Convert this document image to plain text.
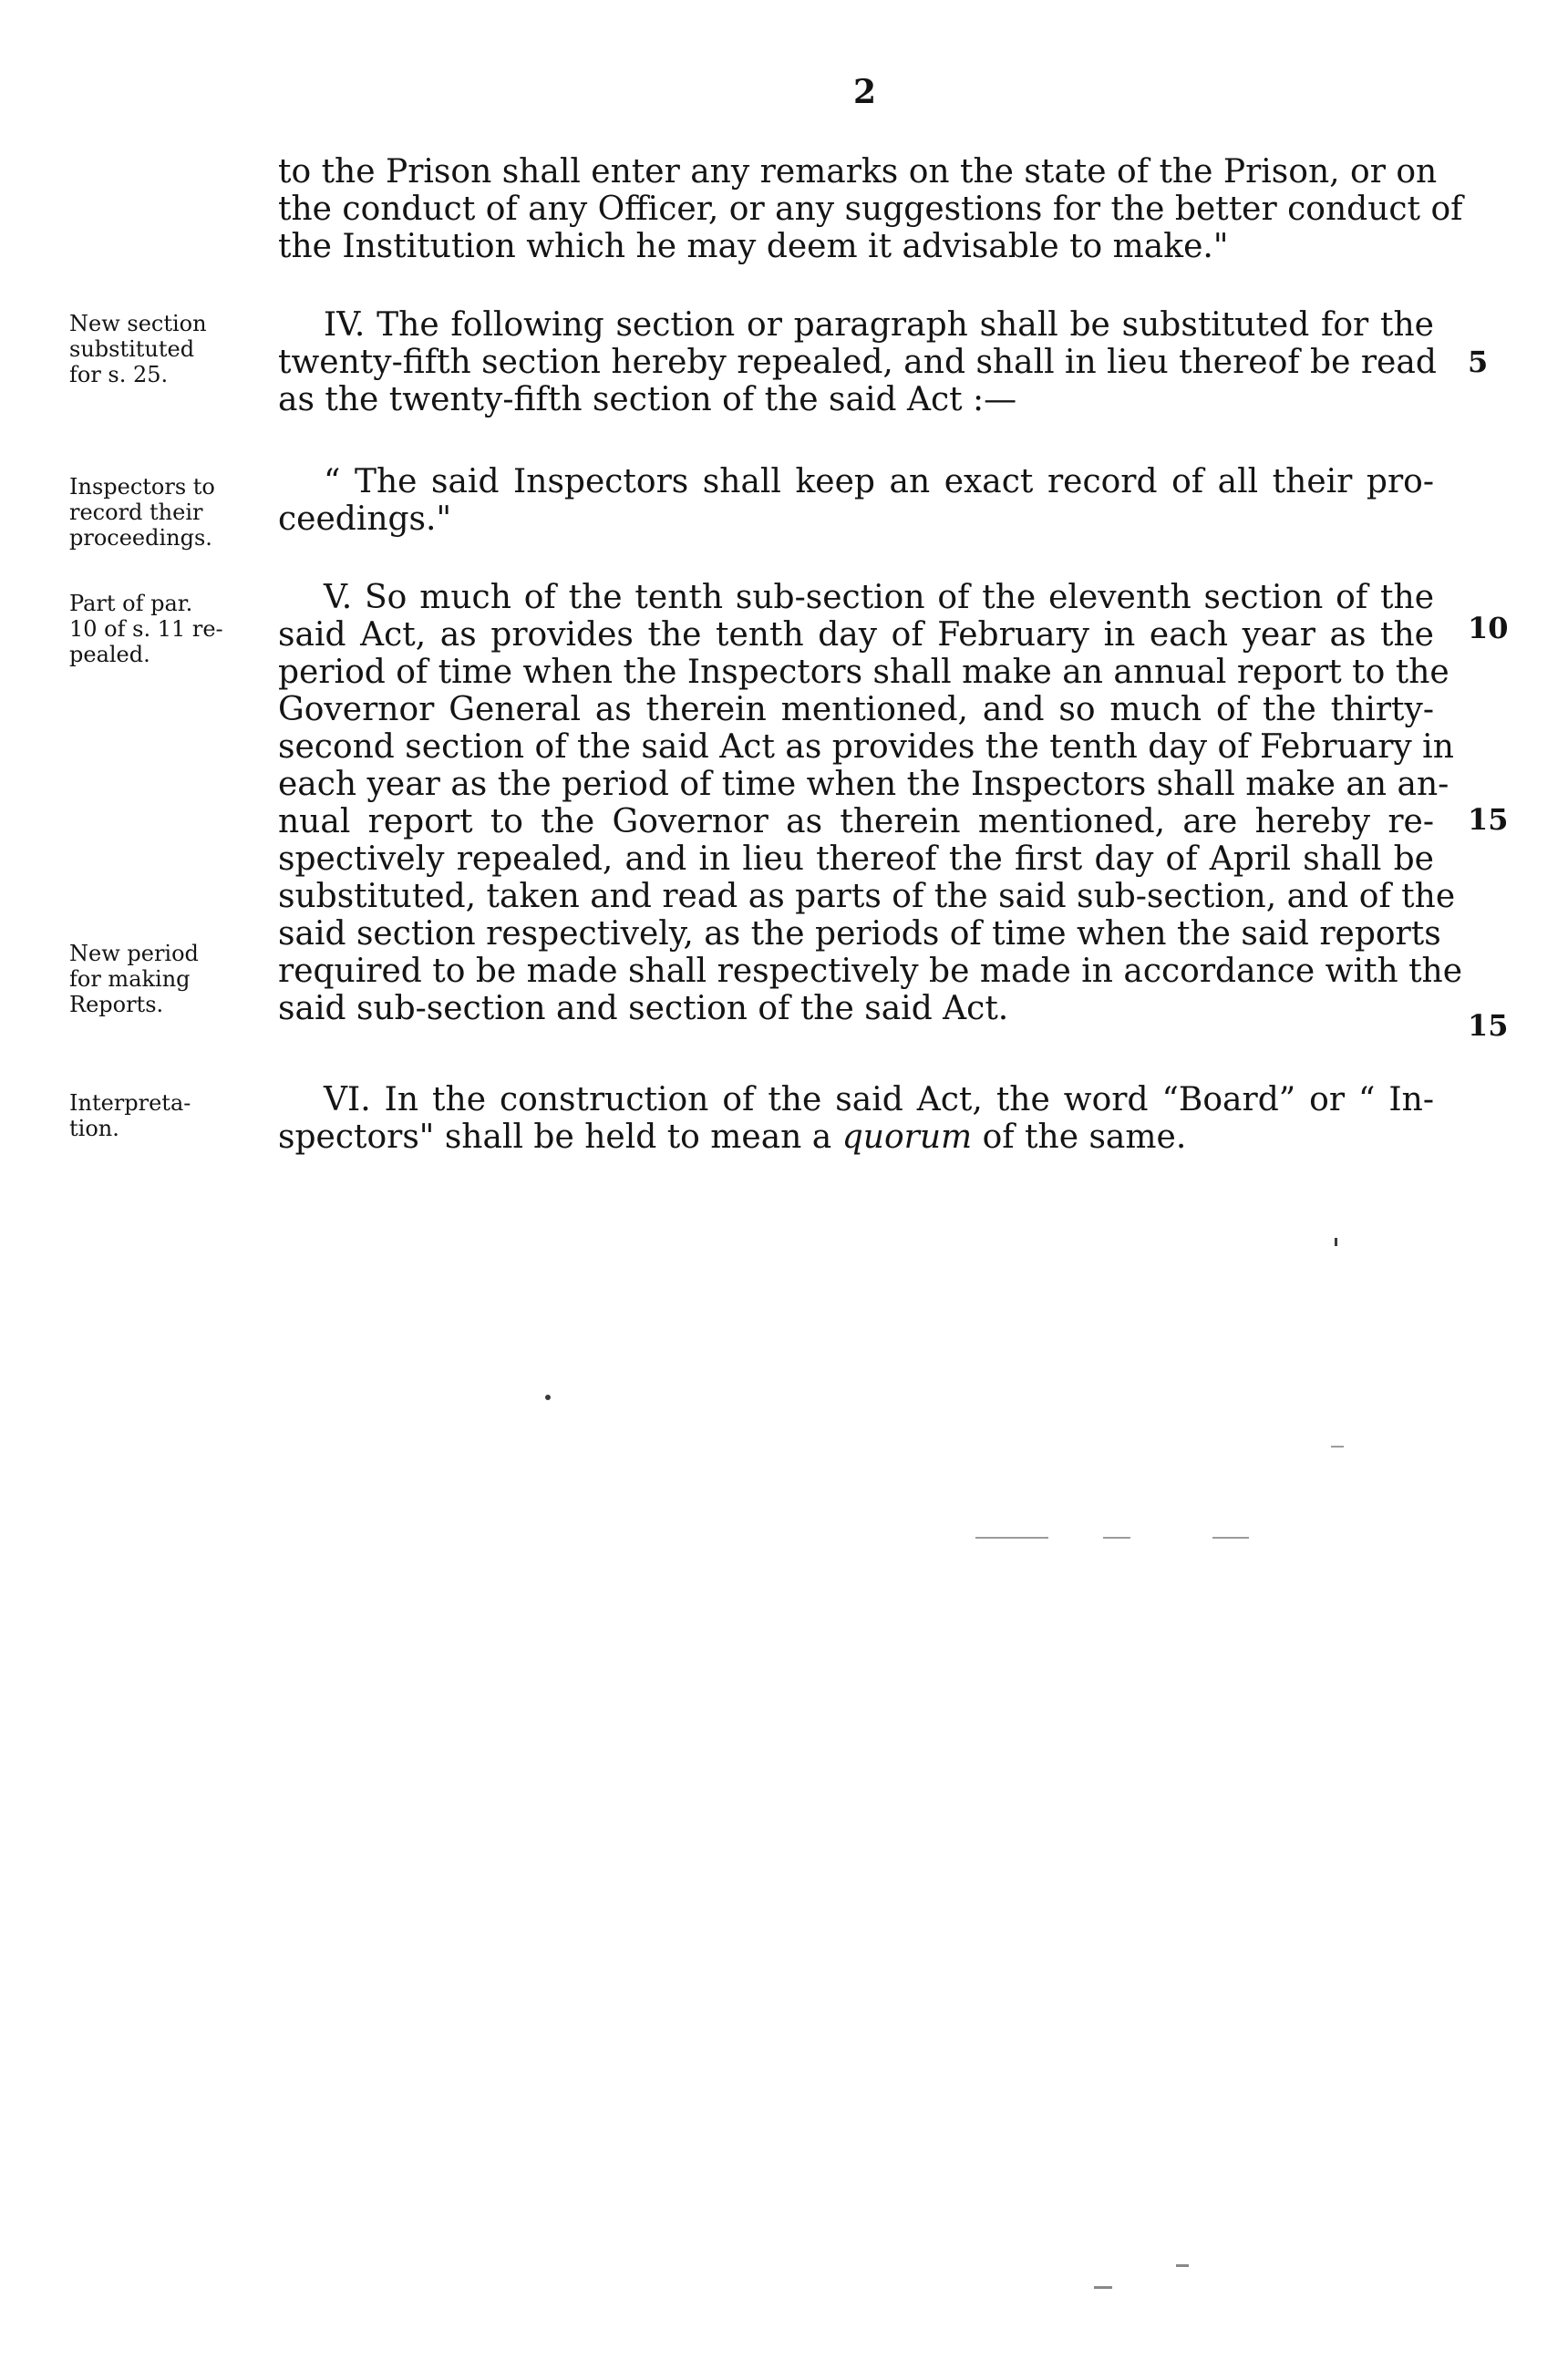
2
to the Prison shall enter any remarks on the state of the Prison, or on
the conduct of any Officer, or any suggestions for the better conduct of
the Institution which he may deem it advisable to make."
New section
substituted
for s. 25.
IV. The following section or paragraph shall be substituted for the
twenty-fifth section hereby repealed, and shall in lieu thereof be read
as the twenty-fifth section of the said Act :—
5
Inspectors to
record their
proceedings.
“ The said Inspectors shall keep an exact record of all their pro-
ceedings."
Part of par.
10 of s. 11 re-
pealed.
V. So much of the tenth sub-section of the eleventh section of the
said Act, as provides the tenth day of February in each year as the
period of time when the Inspectors shall make an annual report to the
Governor General as therein mentioned, and so much of the thirty-
second section of the said Act as provides the tenth day of February in
each year as the period of time when the Inspectors shall make an an-
nual report to the Governor as therein mentioned, are hereby re-
spectively repealed, and in lieu thereof the first day of April shall be
substituted, taken and read as parts of the said sub-section, and of the
said section respectively, as the periods of time when the said reports
required to be made shall respectively be made in accordance with the
said sub-section and section of the said Act.
10
15
15
New period
for making
Reports.
Interpreta-
tion.
VI. In the construction of the said Act, the word “Board” or “ In-
spectors" shall be held to mean a quorum of the same.
